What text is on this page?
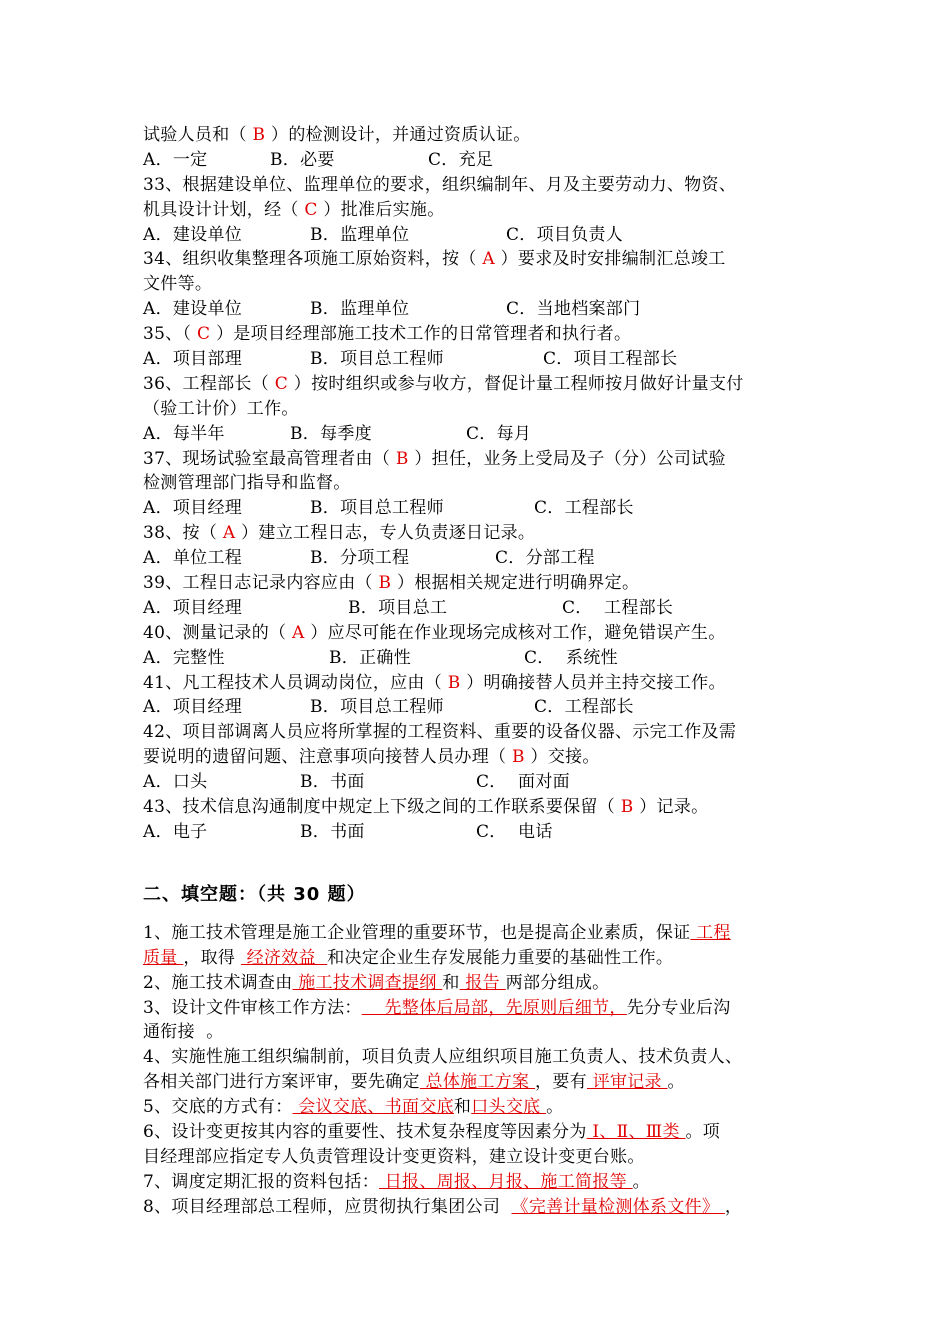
试验人员和（ B ）的检测设计，并通过资质认证。
A．一定	B．必要	C．充足
33、根据建设单位、监理单位的要求，组织编制年、月及主要劳动力、物资、
机具设计计划，经（ C ）批准后实施。
A．建设单位	B．监理单位	C．项目负责人
34、组织收集整理各项施工原始资料，按（ A ）要求及时安排编制汇总竣工
文件等。
A．建设单位	B．监理单位	C．当地档案部门
35、（ C ）是项目经理部施工技术工作的日常管理者和执行者。
A．项目部理	B．项目总工程师	C．项目工程部长
36、工程部长（ C ）按时组织或参与收方，督促计量工程师按月做好计量支付
（验工计价）工作。
A．每半年	B．每季度	C．每月
37、现场试验室最高管理者由（ B ）担任，业务上受局及子（分）公司试验
检测管理部门指导和监督。
A．项目经理	B．项目总工程师	C．工程部长
38、按（ A ）建立工程日志，专人负责逐日记录。
A．单位工程	B．分项工程	C．分部工程
39、工程日志记录内容应由（ B ）根据相关规定进行明确界定。
A．项目经理	B．项目总工	C．  工程部长
40、测量记录的（ A ）应尽可能在作业现场完成核对工作，避免错误产生。
A．完整性	B．正确性	C．  系统性
41、凡工程技术人员调动岗位，应由（ B ）明确接替人员并主持交接工作。
A．项目经理	B．项目总工程师	C．工程部长
42、项目部调离人员应将所掌握的工程资料、重要的设备仪器、示完工作及需
要说明的遗留问题、注意事项向接替人员办理（ B ）交接。
A．口头	B．书面	C．  面对面
43、技术信息沟通制度中规定上下级之间的工作联系要保留（ B ）记录。
A．电子	B．书面	C．  电话
二、填空题：（共 30 题）
1、施工技术管理是施工企业管理的重要环节，也是提高企业素质，保证 工程
质量 ，取得  经济效益  和决定企业生存发展能力重要的基础性工作。
2、施工技术调查由 施工技术调查提纲 和 报告 两部分组成。
3、设计文件审核工作方法：    先整体后局部，先原则后细节，先分专业后沟
通衔接  。
4、实施性施工组织编制前，项目负责人应组织项目施工负责人、技术负责人、
各相关部门进行方案评审，要先确定 总体施工方案 ，要有 评审记录 。
5、交底的方式有： 会议交底、书面交底和口头交底 。
6、设计变更按其内容的重要性、技术复杂程度等因素分为 Ⅰ、Ⅱ、Ⅲ类 。项
目经理部应指定专人负责管理设计变更资料，建立设计变更台账。
7、调度定期汇报的资料包括： 日报、周报、月报、施工简报等 。
8、项目经理部总工程师，应贯彻执行集团公司  《完善计量检测体系文件》 ，
